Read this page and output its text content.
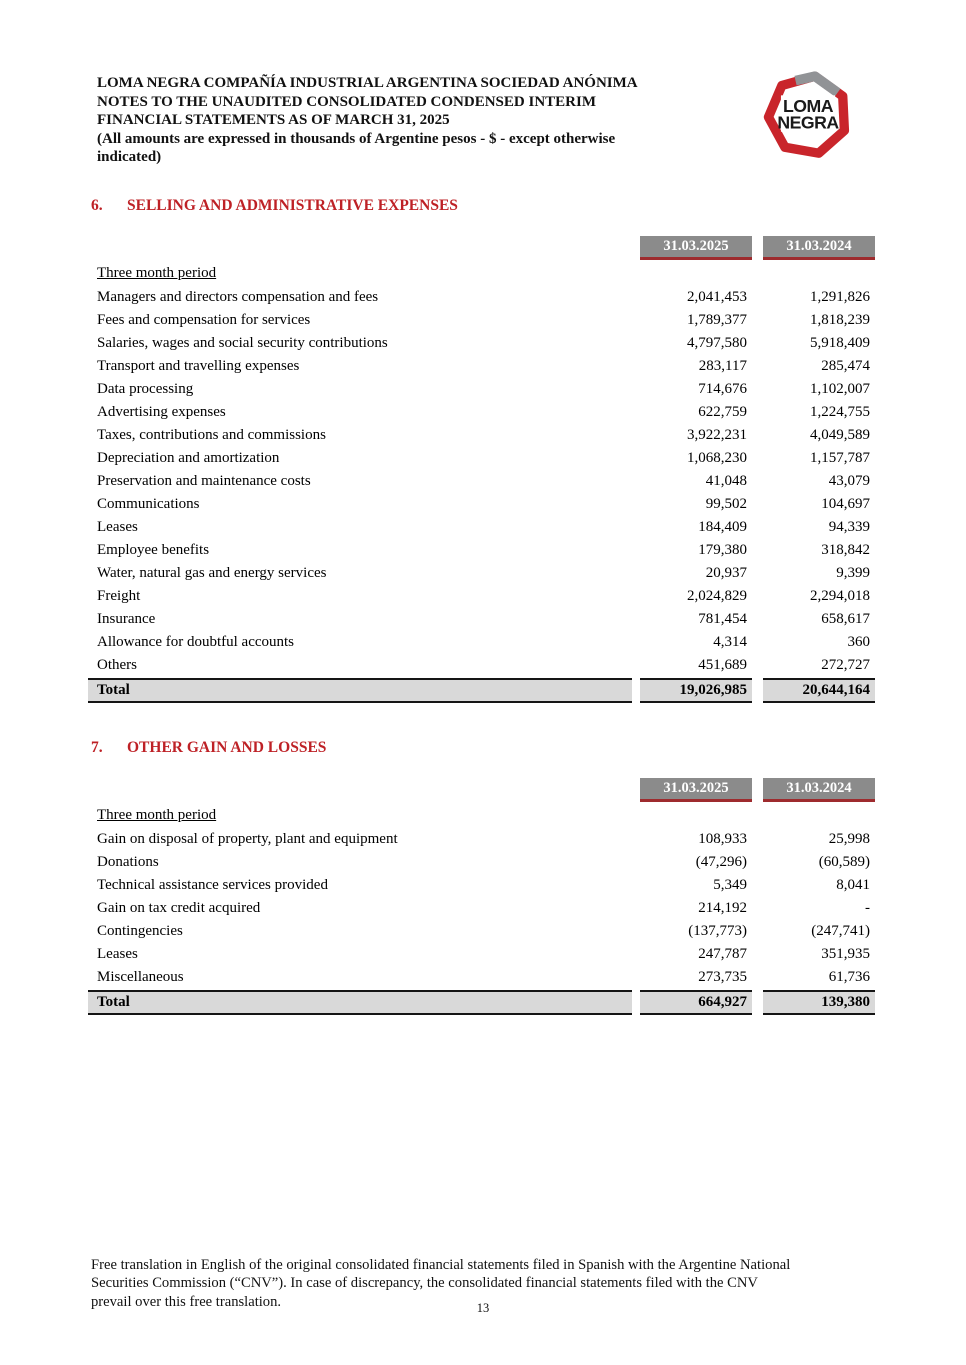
LOMA NEGRA COMPAÑÍA INDUSTRIAL ARGENTINA SOCIEDAD ANÓNIMA
NOTES TO THE UNAUDITED CONSOLIDATED CONDENSED INTERIM
FINANCIAL STATEMENTS AS OF MARCH 31, 2025
(All amounts are expressed in thousands of Argentine pesos - $ - except otherwise
indicated)
LOMA
NEGRA
6.	SELLING AND ADMINISTRATIVE EXPENSES
31.03.2025	31.03.2024
Three month period
Managers and directors compensation and fees	2,041,453	1,291,826
Fees and compensation for services	1,789,377	1,818,239
Salaries, wages and social security contributions	4,797,580	5,918,409
Transport and travelling expenses	283,117	285,474
Data processing	714,676	1,102,007
Advertising expenses	622,759	1,224,755
Taxes, contributions and commissions	3,922,231	4,049,589
Depreciation and amortization	1,068,230	1,157,787
Preservation and maintenance costs	41,048	43,079
Communications	99,502	104,697
Leases	184,409	94,339
Employee benefits	179,380	318,842
Water, natural gas and energy services	20,937	9,399
Freight	2,024,829	2,294,018
Insurance	781,454	658,617
Allowance for doubtful accounts	4,314	360
Others	451,689	272,727
Total	19,026,985	20,644,164
7.	OTHER GAIN AND LOSSES
31.03.2025	31.03.2024
Three month period
Gain on disposal of property, plant and equipment	108,933	25,998
Donations	(47,296)	(60,589)
Technical assistance services provided	5,349	8,041
Gain on tax credit acquired	214,192	-
Contingencies	(137,773)	(247,741)
Leases	247,787	351,935
Miscellaneous	273,735	61,736
Total	664,927	139,380
Free translation in English of the original consolidated financial statements filed in Spanish with the Argentine National
Securities Commission (“CNV”). In case of discrepancy, the consolidated financial statements filed with the CNV
prevail over this free translation.	13
